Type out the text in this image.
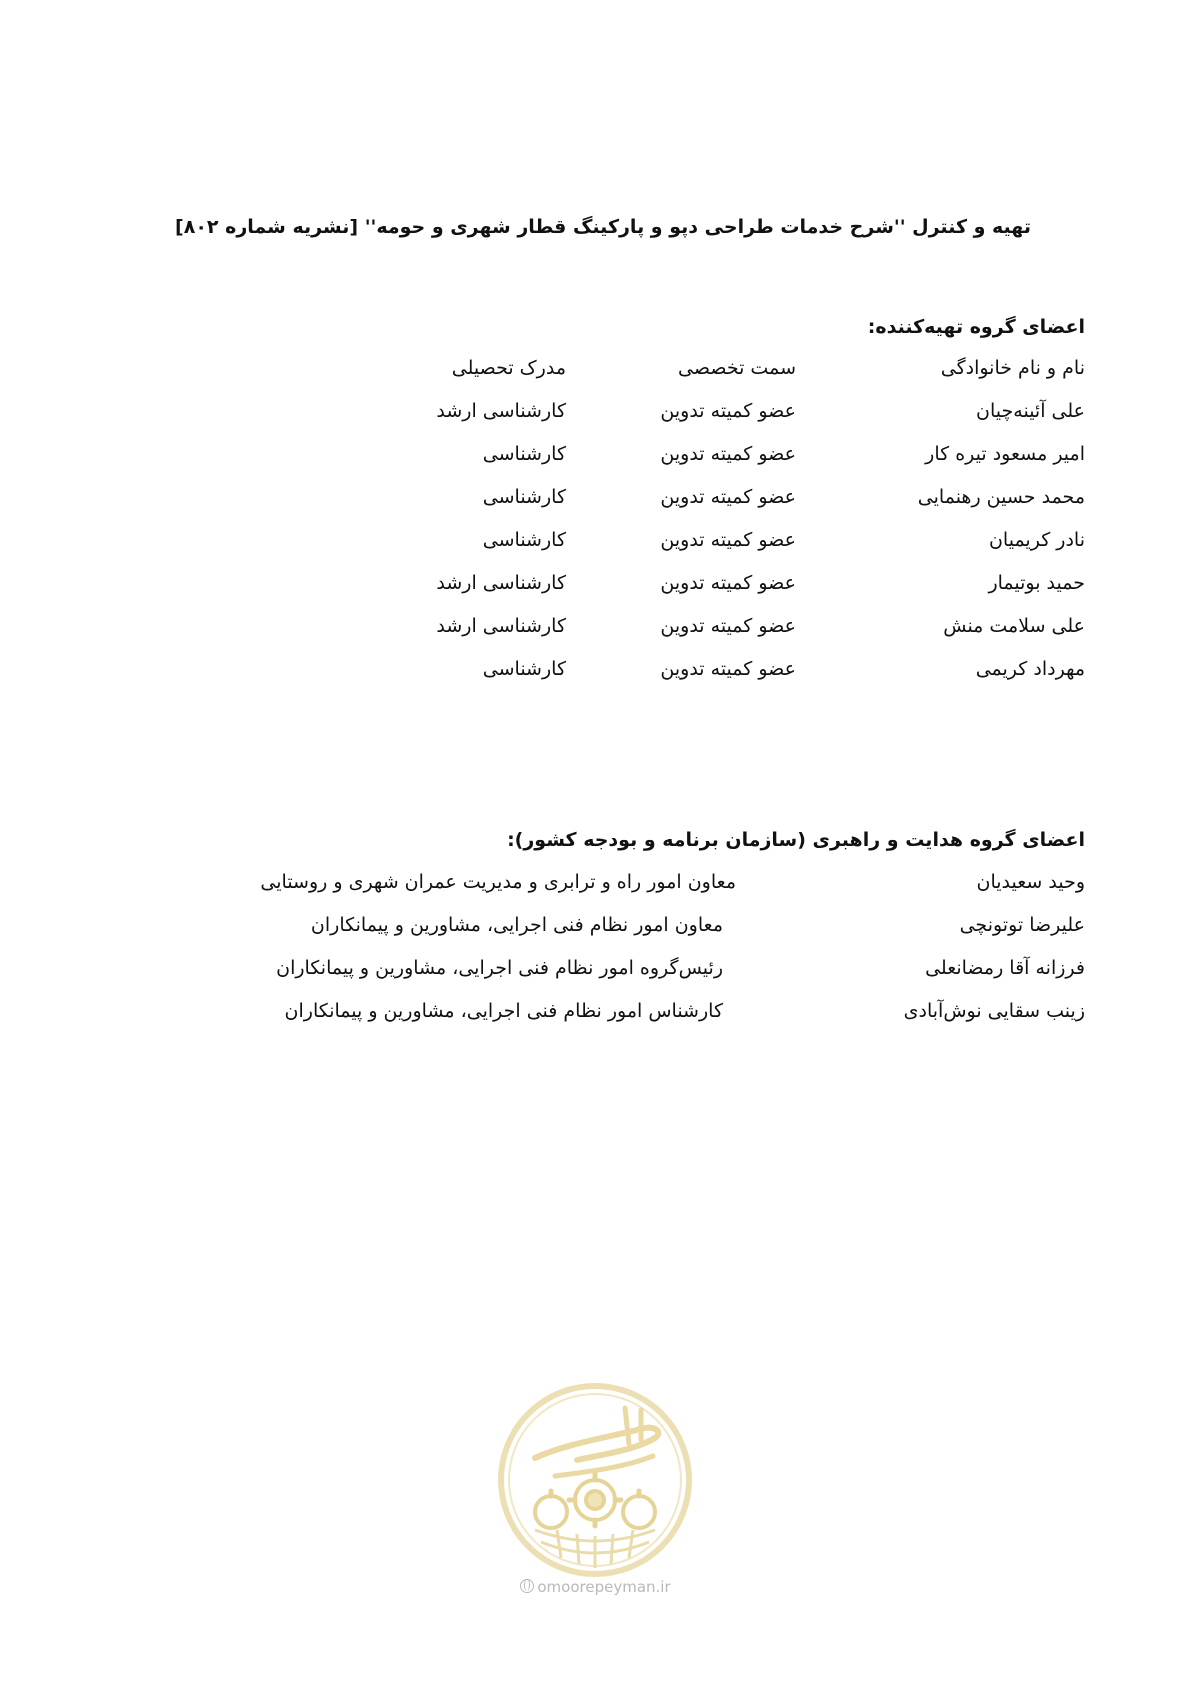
تهیه و کنترل ''شرح خدمات طراحی دپو و پارکینگ قطار شهری و حومه'' [نشریه شماره ۸۰۲]
اعضای گروه تهیه‌کننده:
نام و نام خانوادگی
سمت تخصصی
مدرک تحصیلی
علی آئینه‌چیان
عضو کمیته تدوین
کارشناسی ارشد
امیر مسعود تیره کار
عضو کمیته تدوین
کارشناسی
محمد حسین رهنمایی
عضو کمیته تدوین
کارشناسی
نادر کریمیان
عضو کمیته تدوین
کارشناسی
حمید بوتیمار
عضو کمیته تدوین
کارشناسی ارشد
علی سلامت منش
عضو کمیته تدوین
کارشناسی ارشد
مهرداد کریمی
عضو کمیته تدوین
کارشناسی
اعضای گروه هدایت و راهبری (سازمان برنامه و بودجه کشور):
وحید سعیدیان
معاون امور راه و ترابری و مدیریت عمران شهری و روستایی
علیرضا توتونچی
معاون امور نظام فنی اجرایی، مشاورین و پیمانکاران
فرزانه آقا رمضانعلی
رئیس‌گروه امور نظام فنی اجرایی، مشاورین و پیمانکاران
زینب سقایی نوش‌آبادی
کارشناس امور نظام فنی اجرایی، مشاورین و پیمانکاران
omoorepeyman.ir
